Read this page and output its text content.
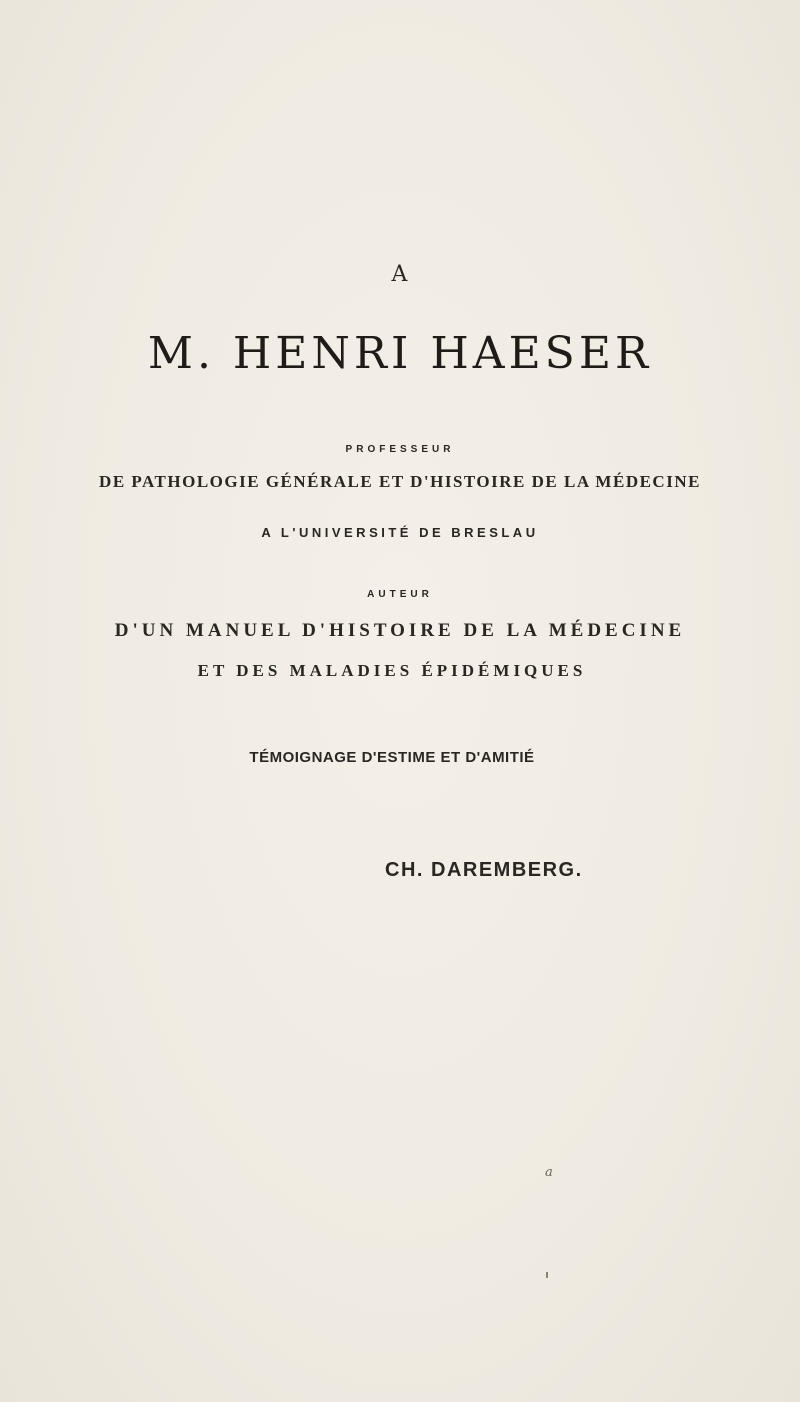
A
M. HENRI HAESER
PROFESSEUR
DE PATHOLOGIE GÉNÉRALE ET D'HISTOIRE DE LA MÉDECINE
A L'UNIVERSITÉ DE BRESLAU
AUTEUR
D'UN MANUEL D'HISTOIRE DE LA MÉDECINE
ET DES MALADIES ÉPIDÉMIQUES
TÉMOIGNAGE D'ESTIME ET D'AMITIÉ
CH. DAREMBERG.
a
